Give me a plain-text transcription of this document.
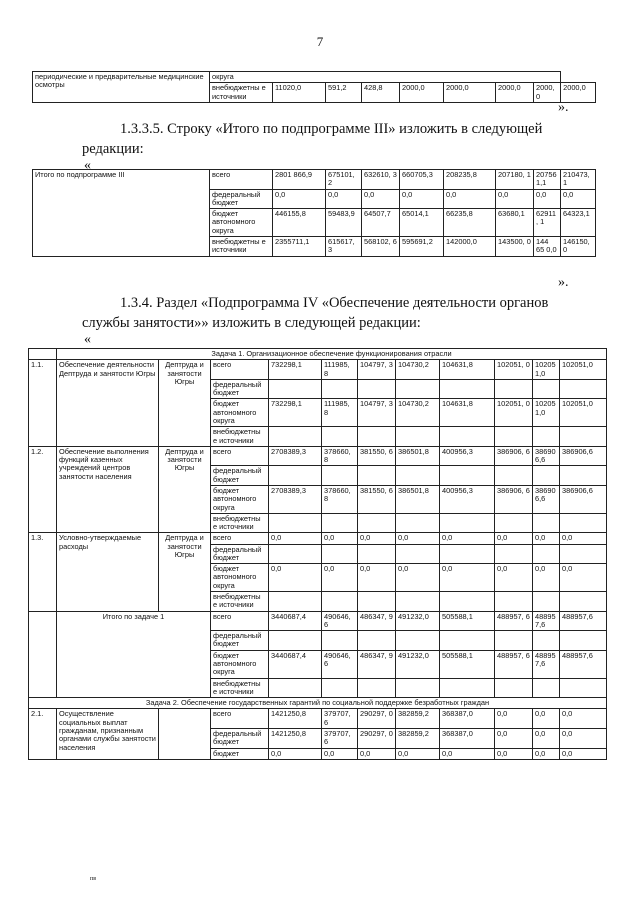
7
периодические и предварительные медицинские осмотры	округа								
	внебюджетны е источники	11020,0	591,2	428,8	2000,0	2000,0	2000,0	2000,0	2000,0
».
1.3.3.5. Строку «Итого по подпрограмме III» изложить в следующей редакции:
«
Итого по подпрограмме III	всего	2801 866,9	675101, 2	632610, 3	660705,3	208235,8	207180, 1	20756 1,1	210473,1
	федеральный бюджет	0,0	0,0	0,0	0,0	0,0	0,0	0,0	0,0
	бюджет автономного округа	446155,8	59483,9	64507,7	65014,1	66235,8	63680,1	62911, 1	64323,1
	внебюджетны е источники	2355711,1	615617, 3	568102, 6	595691,2	142000,0	143500, 0	144 65 0,0	146150,0
».
1.3.4. Раздел «Подпрограмма IV «Обеспечение деятельности органов службы занятости»» изложить в следующей редакции:
«
	Задача 1. Организационное обеспечение функционирования отрасли										
1.1.	Обеспечение деятельности Дептруда и занятости Югры	Дептруда и занятости Югры	всего	732298,1	111985, 8	104797, 3	104730,2	104631,8	102051, 0	10205 1,0	102051,0
			федеральный бюджет								
			бюджет автономного округа	732298,1	111985, 8	104797, 3	104730,2	104631,8	102051, 0	10205 1,0	102051,0
			внебюджетны е источники								
1.2.	Обеспечение выполнения функций казенных учреждений центров занятости населения	Дептруда и занятости Югры	всего	2708389,3	378660, 8	381550, 6	386501,8	400956,3	386906, 6	38690 6,6	386906,6
			федеральный бюджет								
			бюджет автономного округа	2708389,3	378660, 8	381550, 6	386501,8	400956,3	386906, 6	38690 6,6	386906,6
			внебюджетны е источники								
1.3.	Условно-утверждаемые расходы	Дептруда и занятости Югры	всего	0,0	0,0	0,0	0,0	0,0	0,0	0,0	0,0
			федеральный бюджет								
			бюджет автономного округа	0,0	0,0	0,0	0,0	0,0	0,0	0,0	0,0
			внебюджетны е источники								
	Итого по задаче 1		всего	3440687,4	490646, 6	486347, 9	491232,0	505588,1	488957, 6	48895 7,6	488957,6
			федеральный бюджет								
			бюджет автономного округа	3440687,4	490646, 6	486347, 9	491232,0	505588,1	488957, 6	48895 7,6	488957,6
			внебюджетны е источники								
Задача 2. Обеспечение государственных гарантий по социальной поддержке безработных граждан											
2.1.	Осуществление социальных выплат гражданам, признанным органами службы занятости населения		всего	1421250,8	379707, 6	290297, 0	382859,2	368387,0	0,0	0,0	0,0
			федеральный бюджет	1421250,8	379707, 6	290297, 0	382859,2	368387,0	0,0	0,0	0,0
			бюджет	0,0	0,0	0,0	0,0	0,0	0,0	0,0	0,0
пв
